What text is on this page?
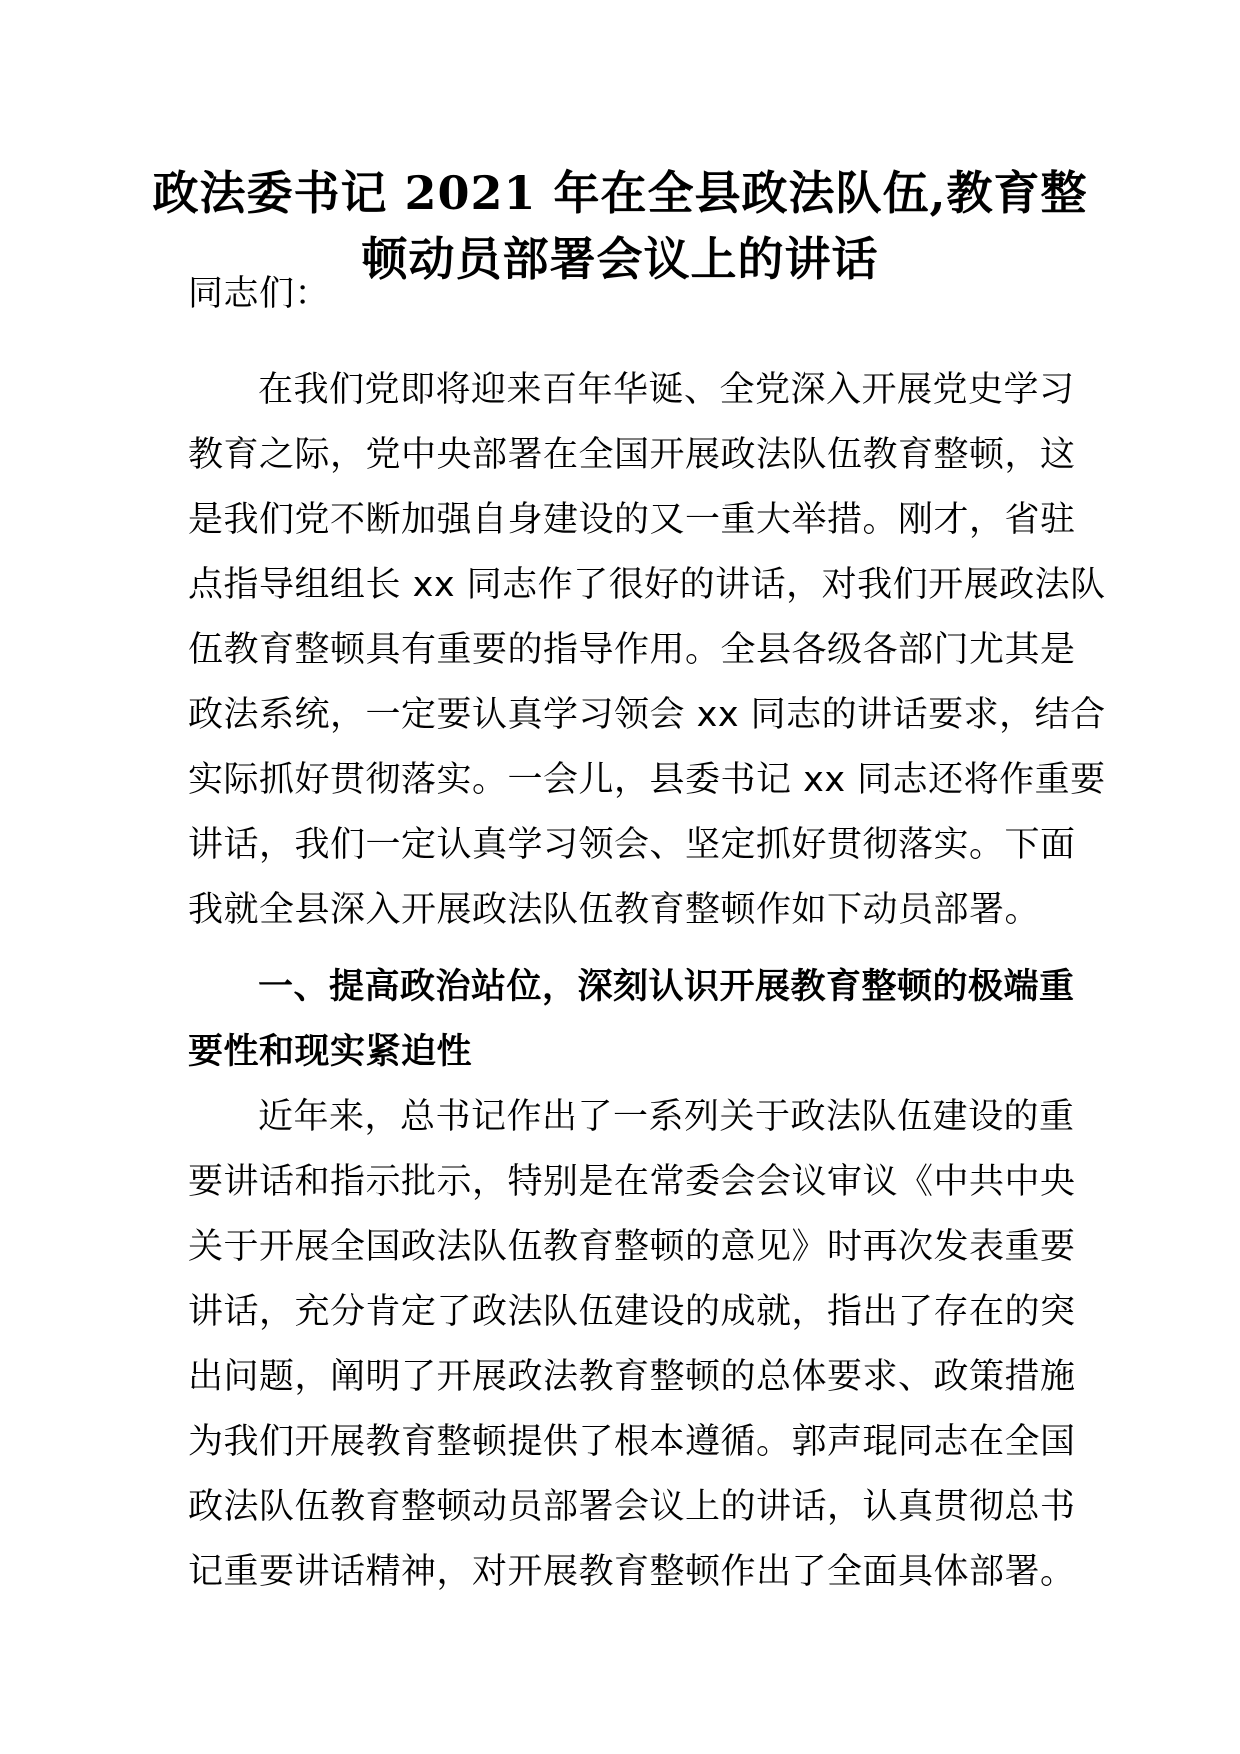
政法委书记 2021 年在全县政法队伍,教育整
顿动员部署会议上的讲话

同志们：

在我们党即将迎来百年华诞、全党深入开展党史学习
教育之际，党中央部署在全国开展政法队伍教育整顿，这
是我们党不断加强自身建设的又一重大举措。刚才，省驻
点指导组组长 xx 同志作了很好的讲话，对我们开展政法队
伍教育整顿具有重要的指导作用。全县各级各部门尤其是
政法系统，一定要认真学习领会 xx 同志的讲话要求，结合
实际抓好贯彻落实。一会儿，县委书记 xx 同志还将作重要
讲话，我们一定认真学习领会、坚定抓好贯彻落实。下面
我就全县深入开展政法队伍教育整顿作如下动员部署。

一、提高政治站位，深刻认识开展教育整顿的极端重
要性和现实紧迫性

近年来，总书记作出了一系列关于政法队伍建设的重
要讲话和指示批示，特别是在常委会会议审议《中共中央
关于开展全国政法队伍教育整顿的意见》时再次发表重要
讲话，充分肯定了政法队伍建设的成就，指出了存在的突
出问题，阐明了开展政法教育整顿的总体要求、政策措施
为我们开展教育整顿提供了根本遵循。郭声琨同志在全国
政法队伍教育整顿动员部署会议上的讲话，认真贯彻总书
记重要讲话精神，对开展教育整顿作出了全面具体部署。
